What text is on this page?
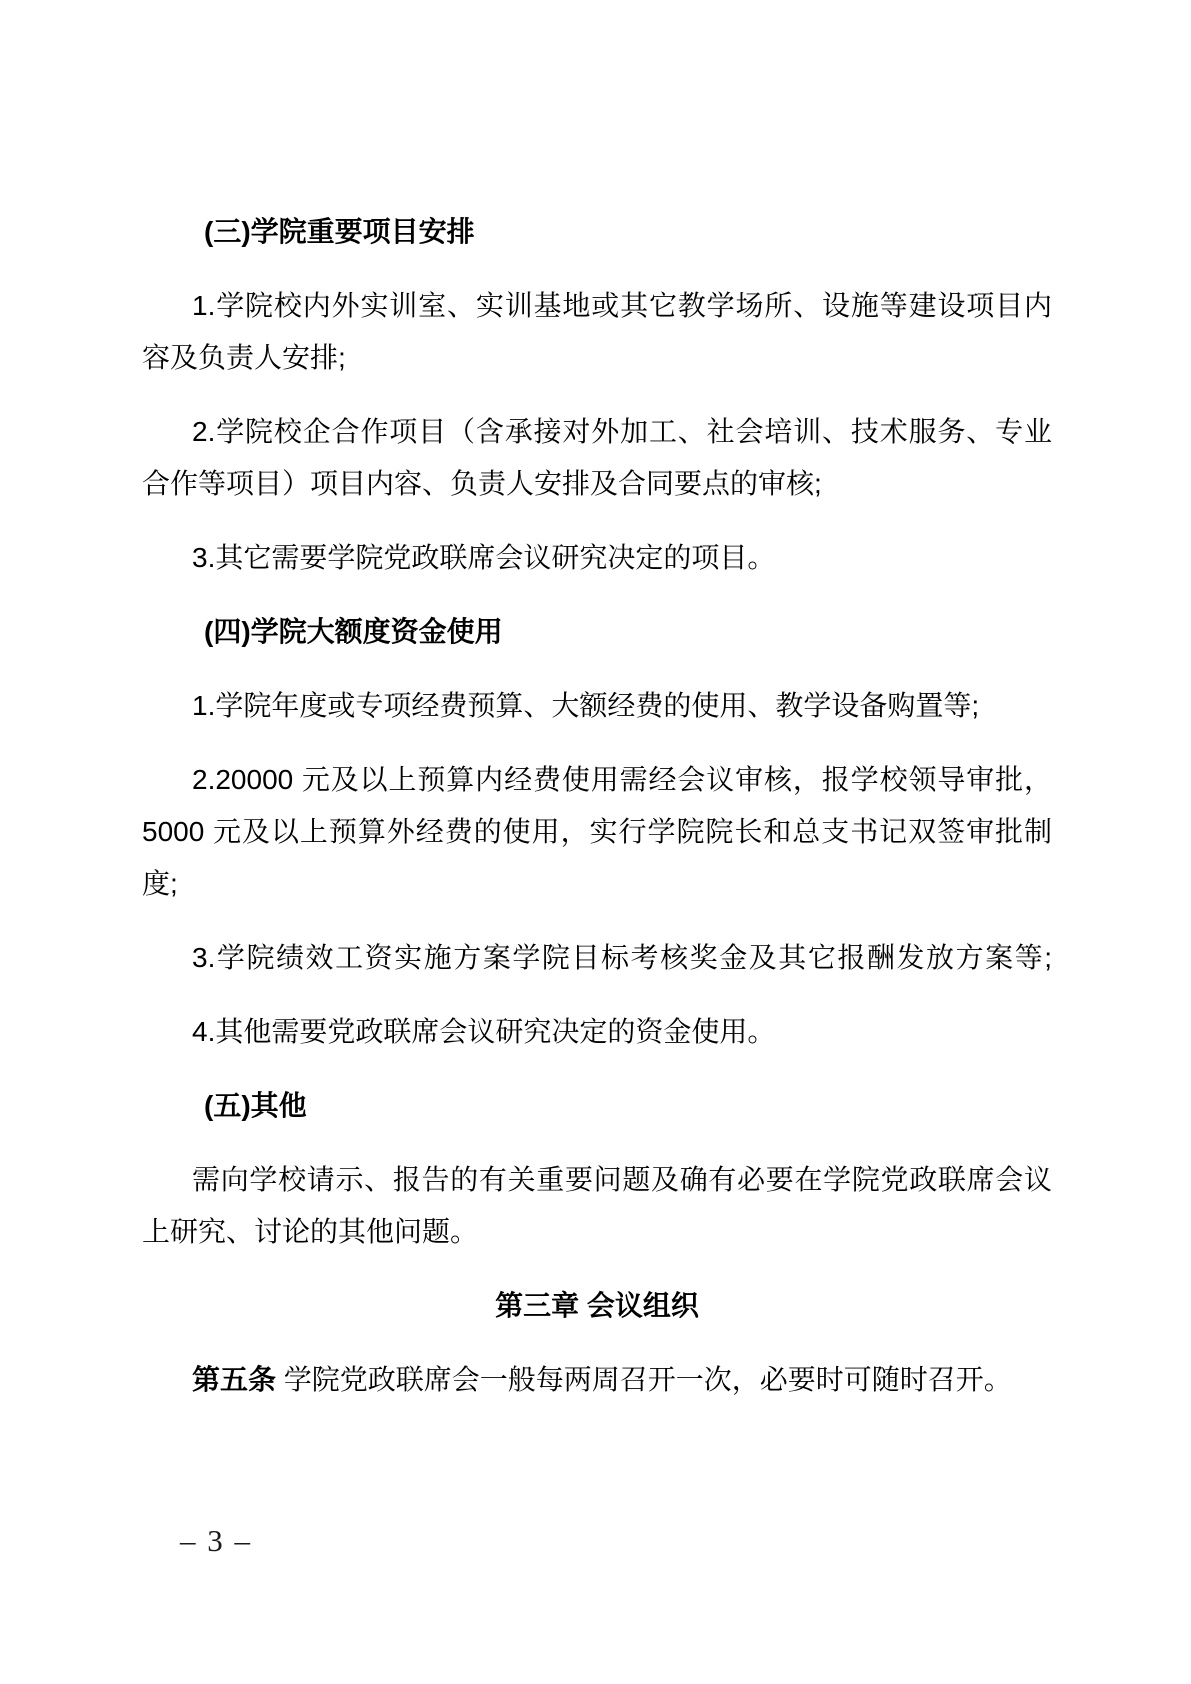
(三)学院重要项目安排
1.学院校内外实训室、实训基地或其它教学场所、设施等建设项目内
容及负责人安排;
2.学院校企合作项目（含承接对外加工、社会培训、技术服务、专业
合作等项目）项目内容、负责人安排及合同要点的审核;
3.其它需要学院党政联席会议研究决定的项目。
(四)学院大额度资金使用
1.学院年度或专项经费预算、大额经费的使用、教学设备购置等;
2.20000 元及以上预算内经费使用需经会议审核，报学校领导审批，
5000 元及以上预算外经费的使用，实行学院院长和总支书记双签审批制
度;
3.学院绩效工资实施方案学院目标考核奖金及其它报酬发放方案等;
4.其他需要党政联席会议研究决定的资金使用。
(五)其他
需向学校请示、报告的有关重要问题及确有必要在学院党政联席会议
上研究、讨论的其他问题。
第三章 会议组织
第五条 学院党政联席会一般每两周召开一次，必要时可随时召开。
– 3 –
